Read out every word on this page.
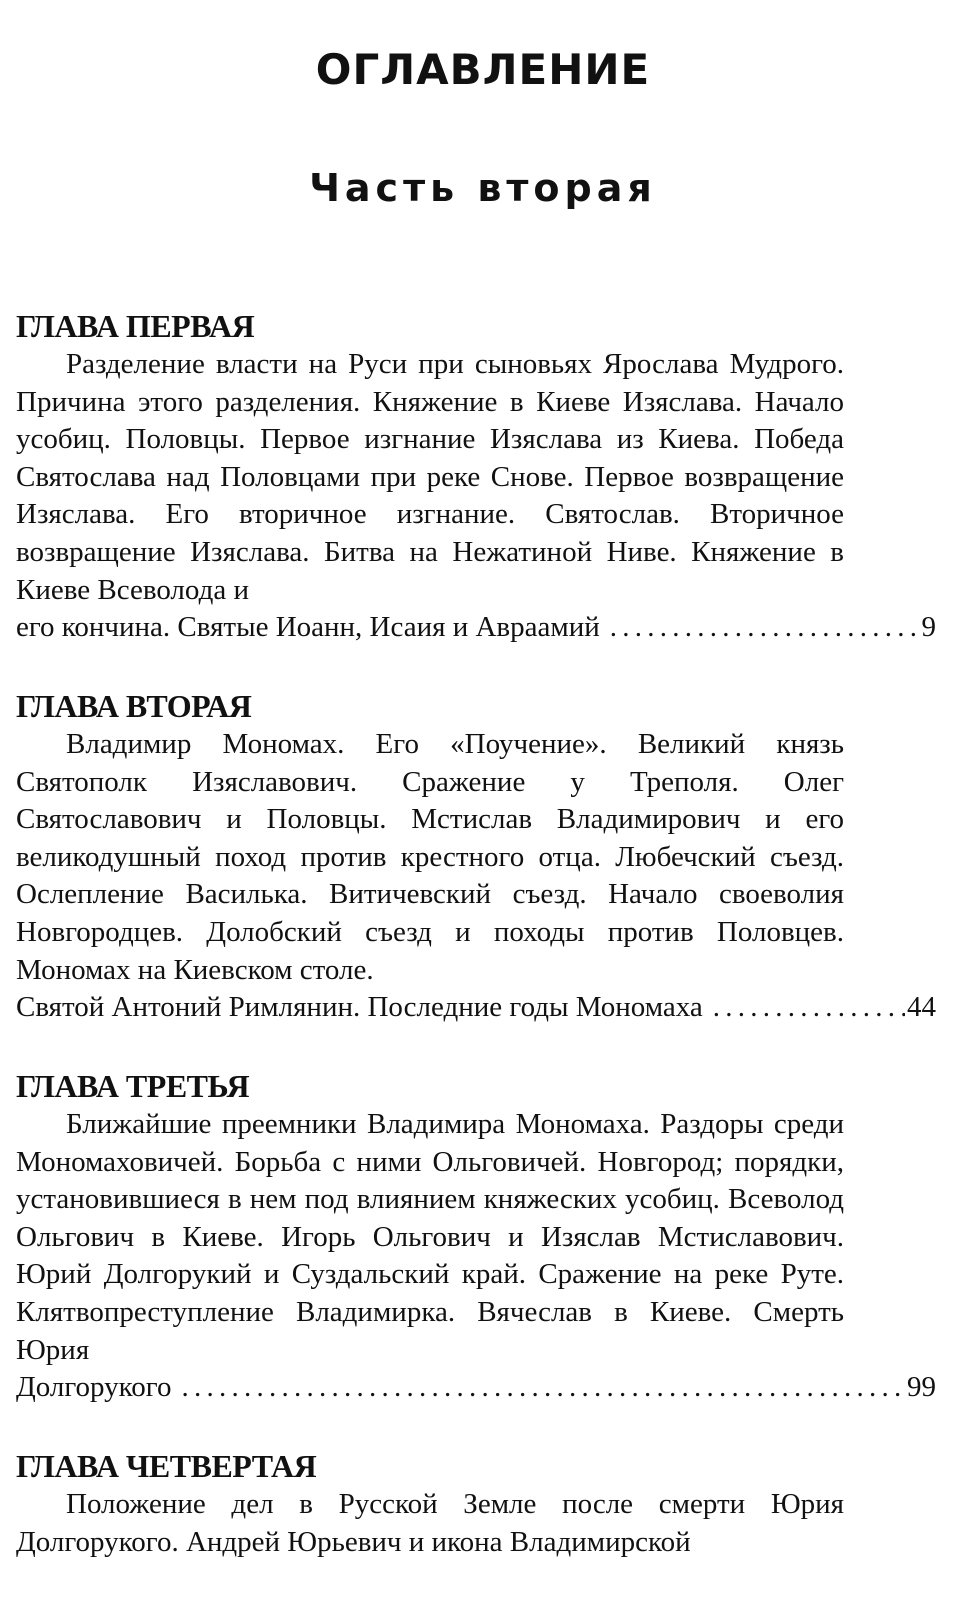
ОГЛАВЛЕНИЕ
Часть вторая
ГЛАВА ПЕРВАЯ

Разделение власти на Руси при сыновьях Ярослава Мудрого. Причина этого разделения. Княжение в Киеве Изяслава. Начало усобиц. Половцы. Первое изгнание Изяслава из Киева. Победа Святослава над Половцами при реке Снове. Первое возвращение Изяслава. Его вторичное изгнание. Святослав. Вторичное возвращение Изяслава. Битва на Нежатиной Ниве. Княжение в Киеве Всеволода и

его кончина. Святые Иоанн, Исаия и Авраамий . . .	9
ГЛАВА ВТОРАЯ

Владимир Мономах. Его «Поучение». Великий князь Святополк Изяславович. Сражение у Треполя. Олег Святославович и Половцы. Мстислав Владимирович и его великодушный поход против крестного отца. Любечский съезд. Ослепление Василька. Витичевский съезд. Начало своеволия Новгородцев. Долобский съезд и походы против Половцев. Мономах на Киевском столе.

Святой Антоний Римлянин. Последние годы Мономаха . . .	44
ГЛАВА ТРЕТЬЯ

Ближайшие преемники Владимира Мономаха. Раздоры среди Мономаховичей. Борьба с ними Ольговичей. Новгород; порядки, установившиеся в нем под влиянием княжеских усобиц. Всеволод Ольгович в Киеве. Игорь Ольгович и Изяслав Мстиславович. Юрий Долгорукий и Суздальский край. Сражение на реке Руте. Клятвопреступление Владимирка. Вячеслав в Киеве. Смерть Юрия

Долгорукого . . .	99
ГЛАВА ЧЕТВЕРТАЯ

Положение дел в Русской Земле после смерти Юрия Долгорукого. Андрей Юрьевич и икона Владимирской
